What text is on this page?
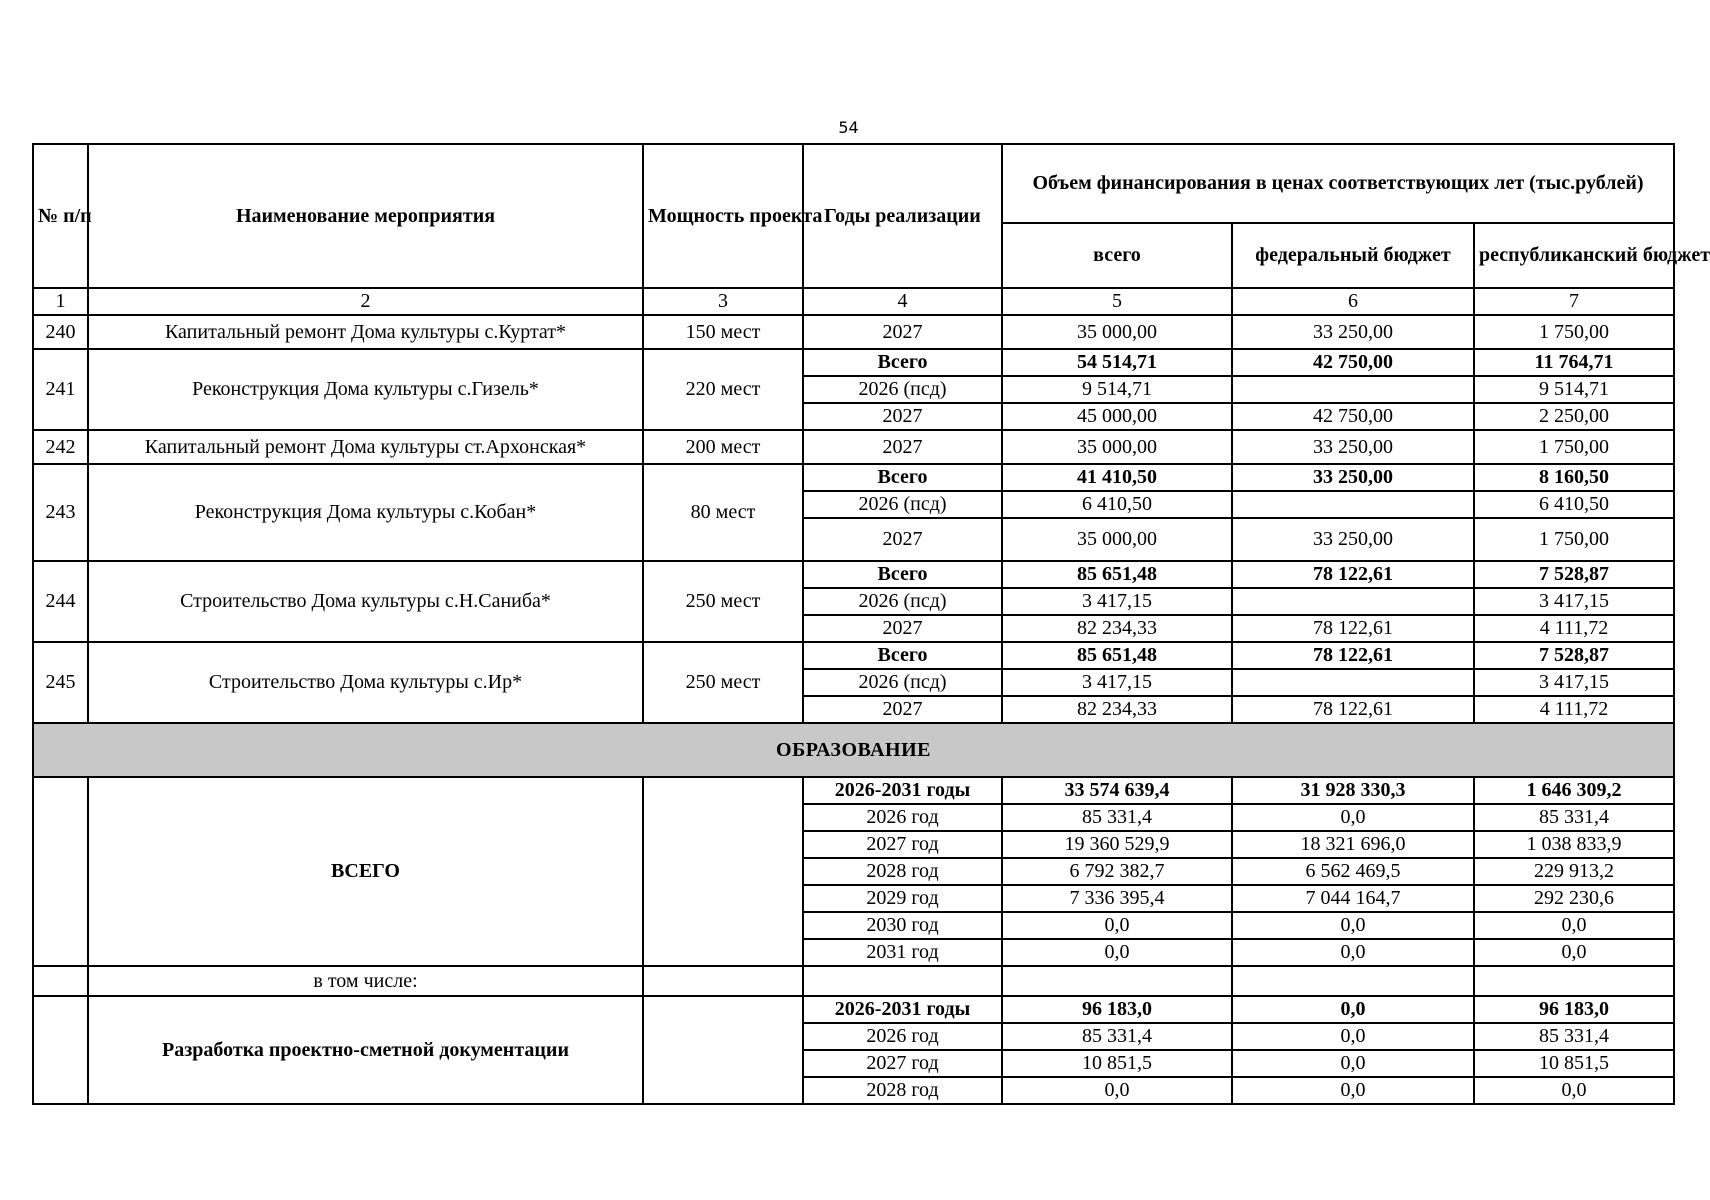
54
№ п/п	Наименование мероприятия	Мощность проекта	Годы реализации	Объем финансирования в ценах соответствующих лет (тыс.рублей)		
				всего	федеральный бюджет	республиканский бюджет
1	2	3	4	5	6	7
240	Капитальный ремонт Дома культуры с.Куртат*	150 мест	2027	35 000,00	33 250,00	1 750,00
241	Реконструкция Дома культуры с.Гизель*	220 мест	Всего	54 514,71	42 750,00	11 764,71
			2026 (псд)	9 514,71		9 514,71
			2027	45 000,00	42 750,00	2 250,00
242	Капитальный ремонт Дома культуры ст.Архонская*	200 мест	2027	35 000,00	33 250,00	1 750,00
243	Реконструкция Дома культуры с.Кобан*	80 мест	Всего	41 410,50	33 250,00	8 160,50
			2026 (псд)	6 410,50		6 410,50
			2027	35 000,00	33 250,00	1 750,00
244	Строительство Дома культуры с.Н.Саниба*	250 мест	Всего	85 651,48	78 122,61	7 528,87
			2026 (псд)	3 417,15		3 417,15
			2027	82 234,33	78 122,61	4 111,72
245	Строительство Дома культуры с.Ир*	250 мест	Всего	85 651,48	78 122,61	7 528,87
			2026 (псд)	3 417,15		3 417,15
			2027	82 234,33	78 122,61	4 111,72
ОБРАЗОВАНИЕ						
	ВСЕГО		2026-2031 годы	33 574 639,4	31 928 330,3	1 646 309,2
			2026 год	85 331,4	0,0	85 331,4
			2027 год	19 360 529,9	18 321 696,0	1 038 833,9
			2028 год	6 792 382,7	6 562 469,5	229 913,2
			2029 год	7 336 395,4	7 044 164,7	292 230,6
			2030 год	0,0	0,0	0,0
			2031 год	0,0	0,0	0,0
	в том числе:					
	Разработка проектно-сметной документации		2026-2031 годы	96 183,0	0,0	96 183,0
			2026 год	85 331,4	0,0	85 331,4
			2027 год	10 851,5	0,0	10 851,5
			2028 год	0,0	0,0	0,0
